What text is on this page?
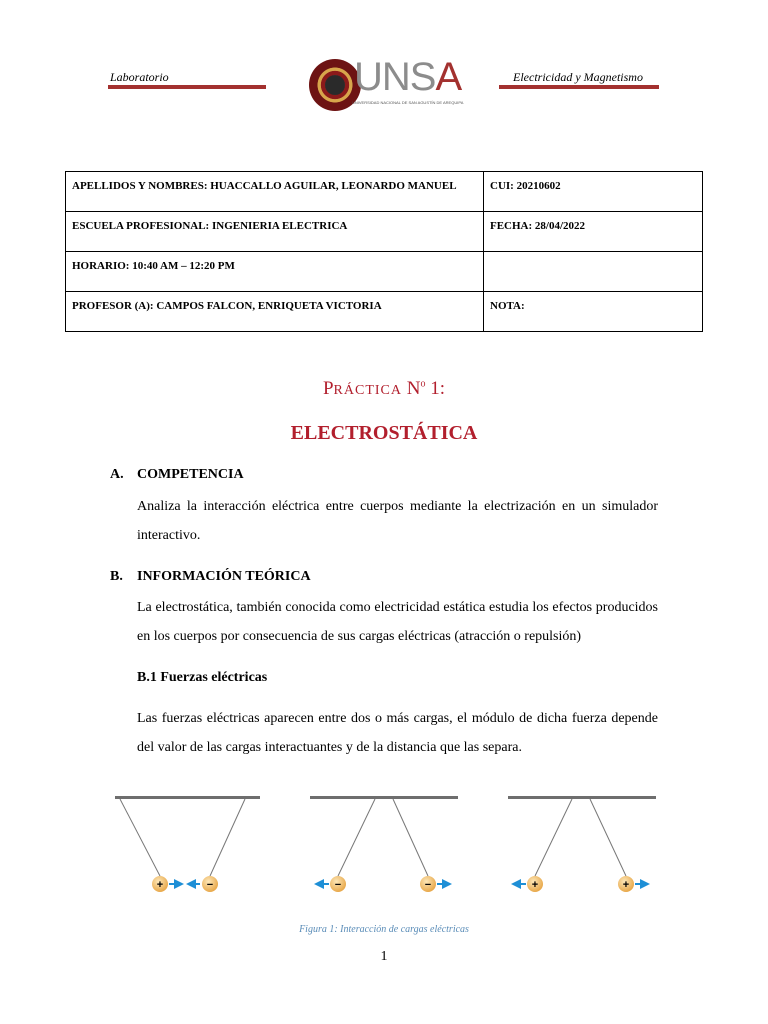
Laboratorio	Electricidad y Magnetismo
UNSA
UNIVERSIDAD NACIONAL DE SAN AGUSTÍN DE AREQUIPA
APELLIDOS Y NOMBRES: HUACCALLO AGUILAR, LEONARDO MANUEL	CUI: 20210602

ESCUELA PROFESIONAL: INGENIERIA ELECTRICA	FECHA: 28/04/2022

HORARIO: 10:40 AM – 12:20 PM	

PROFESOR (A): CAMPOS FALCON, ENRIQUETA VICTORIA	NOTA:
PRÁCTICA $N^o$ 1:
ELECTROSTÁTICA
A. COMPETENCIA
Analiza la interacción eléctrica entre cuerpos mediante la electrización en un simulador interactivo.
B. INFORMACIÓN TEÓRICA
La electrostática, también conocida como electricidad estática estudia los efectos producidos en los cuerpos por consecuencia de sus cargas eléctricas (atracción o repulsión)
B.1 Fuerzas eléctricas
Las fuerzas eléctricas aparecen entre dos o más cargas, el módulo de dicha fuerza depende del valor de las cargas interactuantes y de la distancia que las separa.
+	−	−	−	+	+
Figura 1: Interacción de cargas eléctricas
1
